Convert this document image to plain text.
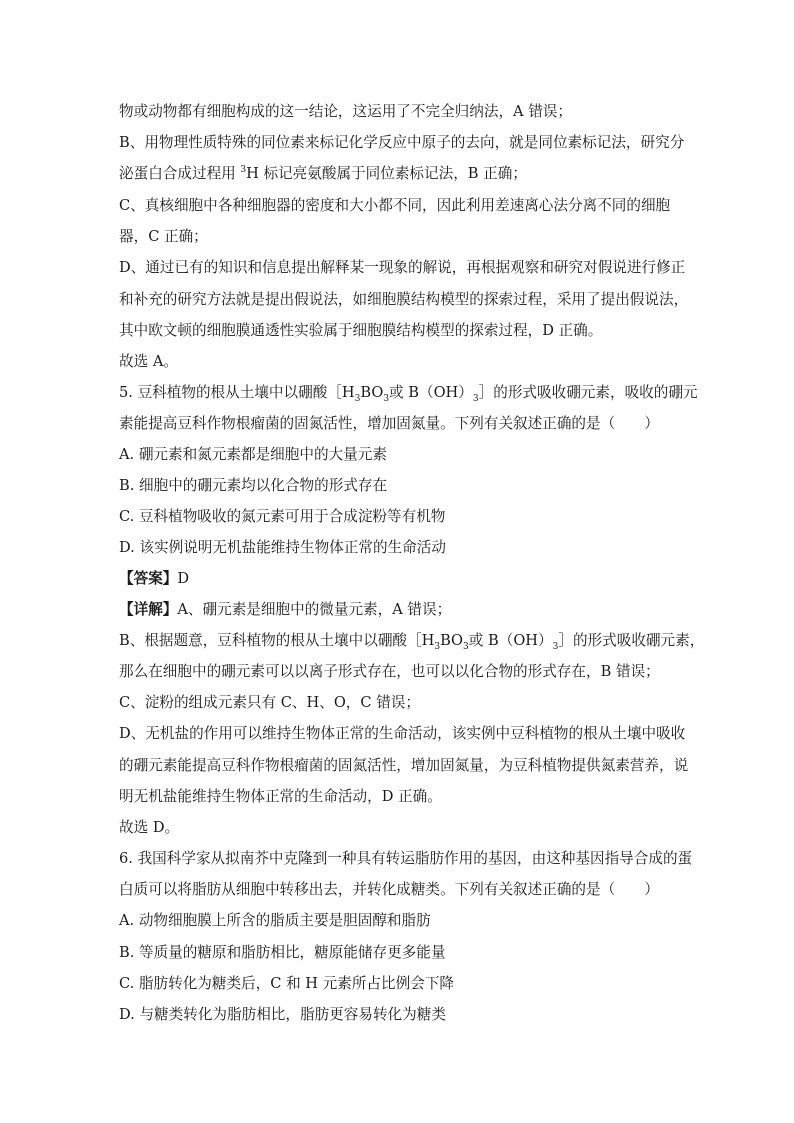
物或动物都有细胞构成的这一结论，这运用了不完全归纳法，A 错误；
B、用物理性质特殊的同位素来标记化学反应中原子的去向，就是同位素标记法，研究分
泌蛋白合成过程用 $^3$H 标记亮氨酸属于同位素标记法，B 正确；
C、真核细胞中各种细胞器的密度和大小都不同，因此利用差速离心法分离不同的细胞
器，C 正确；
D、通过已有的知识和信息提出解释某一现象的解说，再根据观察和研究对假说进行修正
和补充的研究方法就是提出假说法，如细胞膜结构模型的探索过程，采用了提出假说法，
其中欧文顿的细胞膜通透性实验属于细胞膜结构模型的探索过程，D 正确。
故选 A。
5. 豆科植物的根从土壤中以硼酸$[H_3BO_3$或 $B(OH)_3]$的形式吸收硼元素，吸收的硼元
素能提高豆科作物根瘤菌的固氮活性，增加固氮量。下列有关叙述正确的是（　　）
A. 硼元素和氮元素都是细胞中的大量元素
B. 细胞中的硼元素均以化合物的形式存在
C. 豆科植物吸收的氮元素可用于合成淀粉等有机物
D. 该实例说明无机盐能维持生物体正常的生命活动
【答案】D
【详解】A、硼元素是细胞中的微量元素，A 错误；
B、根据题意，豆科植物的根从土壤中以硼酸$[H_3BO_3$或 $B(OH)_3]$的形式吸收硼元素，
那么在细胞中的硼元素可以以离子形式存在，也可以以化合物的形式存在，B 错误；
C、淀粉的组成元素只有 C、H、O，C 错误；
D、无机盐的作用可以维持生物体正常的生命活动，该实例中豆科植物的根从土壤中吸收
的硼元素能提高豆科作物根瘤菌的固氮活性，增加固氮量，为豆科植物提供氮素营养，说
明无机盐能维持生物体正常的生命活动，D 正确。
故选 D。
6. 我国科学家从拟南芥中克隆到一种具有转运脂肪作用的基因，由这种基因指导合成的蛋
白质可以将脂肪从细胞中转移出去，并转化成糖类。下列有关叙述正确的是（　　）
A. 动物细胞膜上所含的脂质主要是胆固醇和脂肪
B. 等质量的糖原和脂肪相比，糖原能储存更多能量
C. 脂肪转化为糖类后，C 和 H 元素所占比例会下降
D. 与糖类转化为脂肪相比，脂肪更容易转化为糖类
